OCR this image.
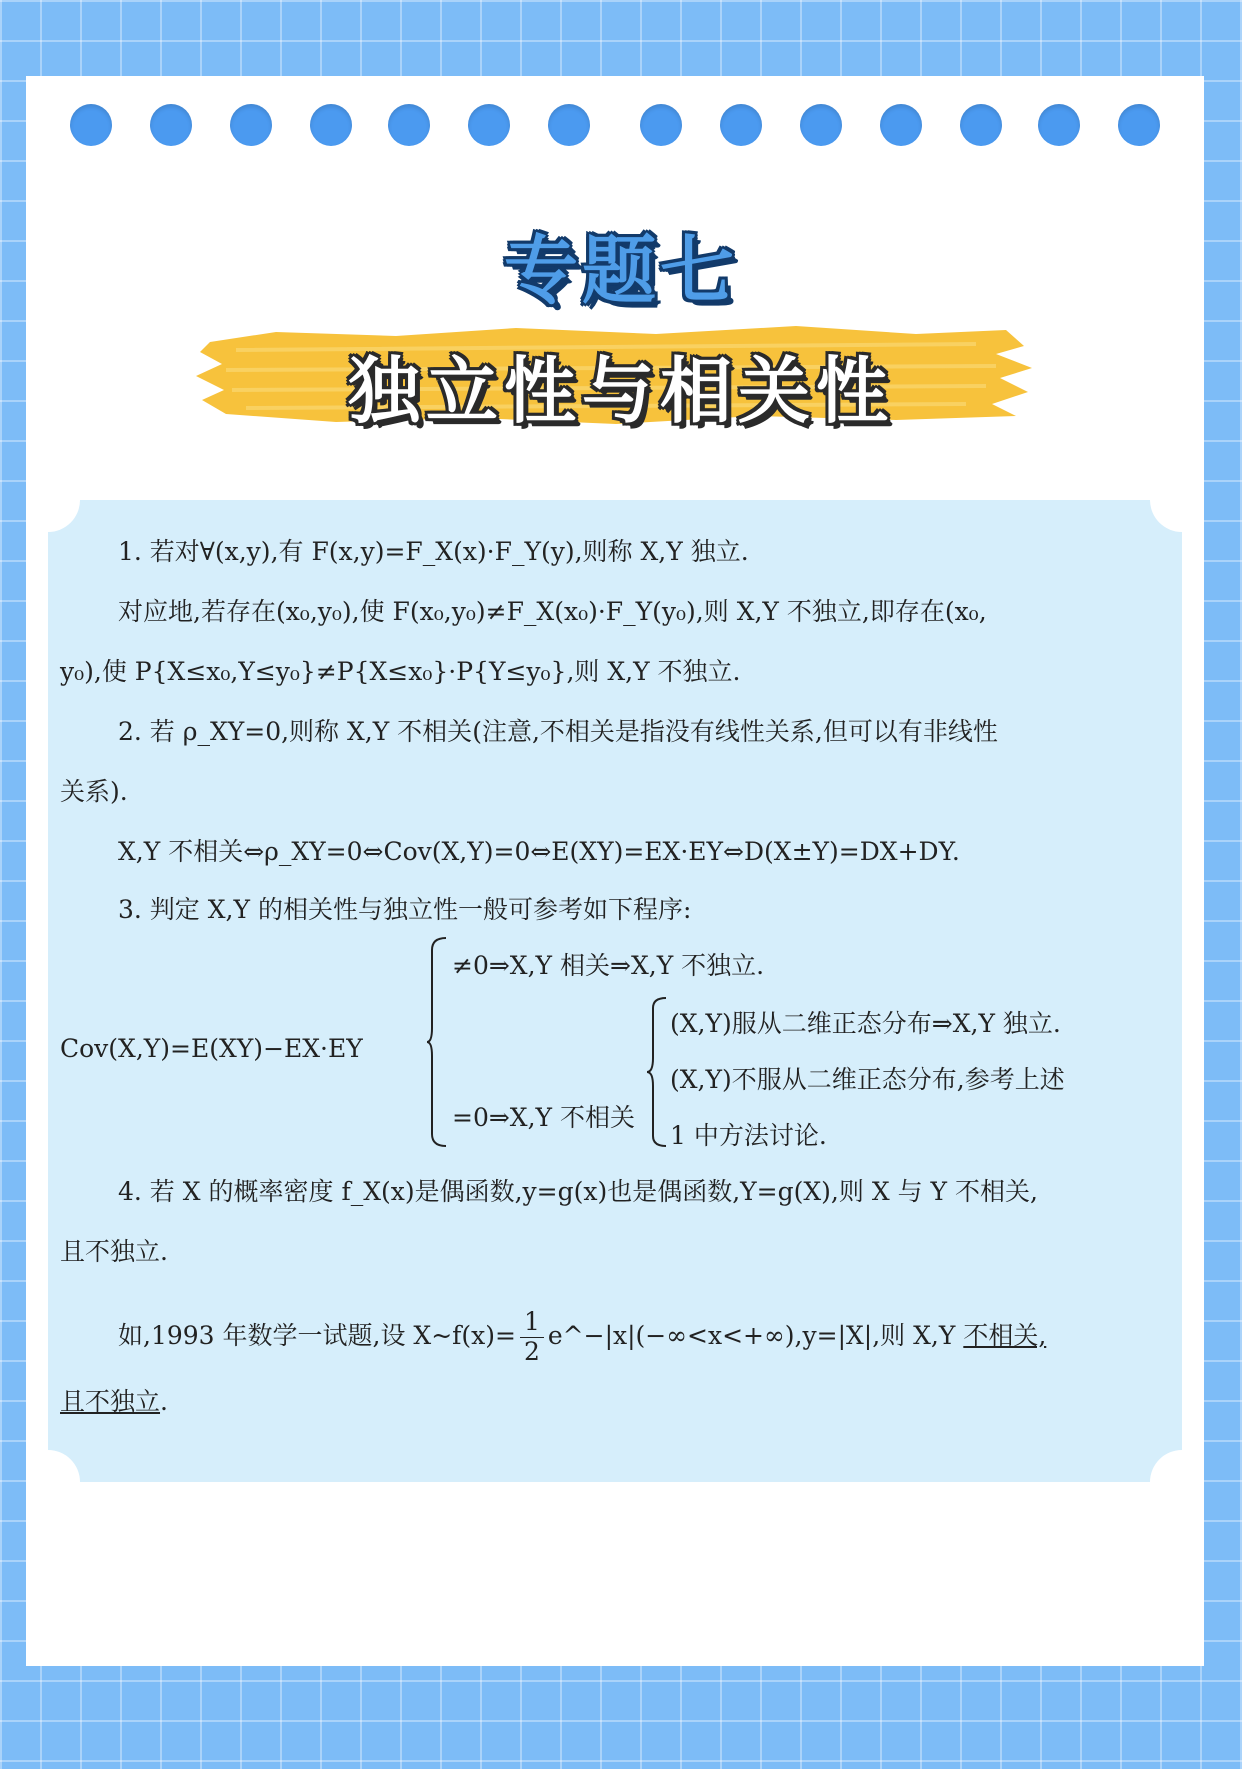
专题七
独立性与相关性
1. 若对∀(x,y),有 F(x,y)=F_X(x)·F_Y(y),则称 X,Y 独立.
对应地,若存在(x₀,y₀),使 F(x₀,y₀)≠F_X(x₀)·F_Y(y₀),则 X,Y 不独立,即存在(x₀,
y₀),使 P{X≤x₀,Y≤y₀}≠P{X≤x₀}·P{Y≤y₀},则 X,Y 不独立.
2. 若 ρ_XY=0,则称 X,Y 不相关(注意,不相关是指没有线性关系,但可以有非线性
关系).
X,Y 不相关⇔ρ_XY=0⇔Cov(X,Y)=0⇔E(XY)=EX·EY⇔D(X±Y)=DX+DY.
3. 判定 X,Y 的相关性与独立性一般可参考如下程序:
Cov(X,Y)=E(XY)−EX·EY
≠0⇒X,Y 相关⇒X,Y 不独立.
=0⇒X,Y 不相关
(X,Y)服从二维正态分布⇒X,Y 独立.
(X,Y)不服从二维正态分布,参考上述
1 中方法讨论.
4. 若 X 的概率密度 f_X(x)是偶函数,y=g(x)也是偶函数,Y=g(X),则 X 与 Y 不相关,
且不独立.
如,1993 年数学一试题,设 X~f(x)= $\frac{1}{2}$ e^−|x|(−∞<x<+∞),y=|X|,则 X,Y 不相关,
且不独立.
